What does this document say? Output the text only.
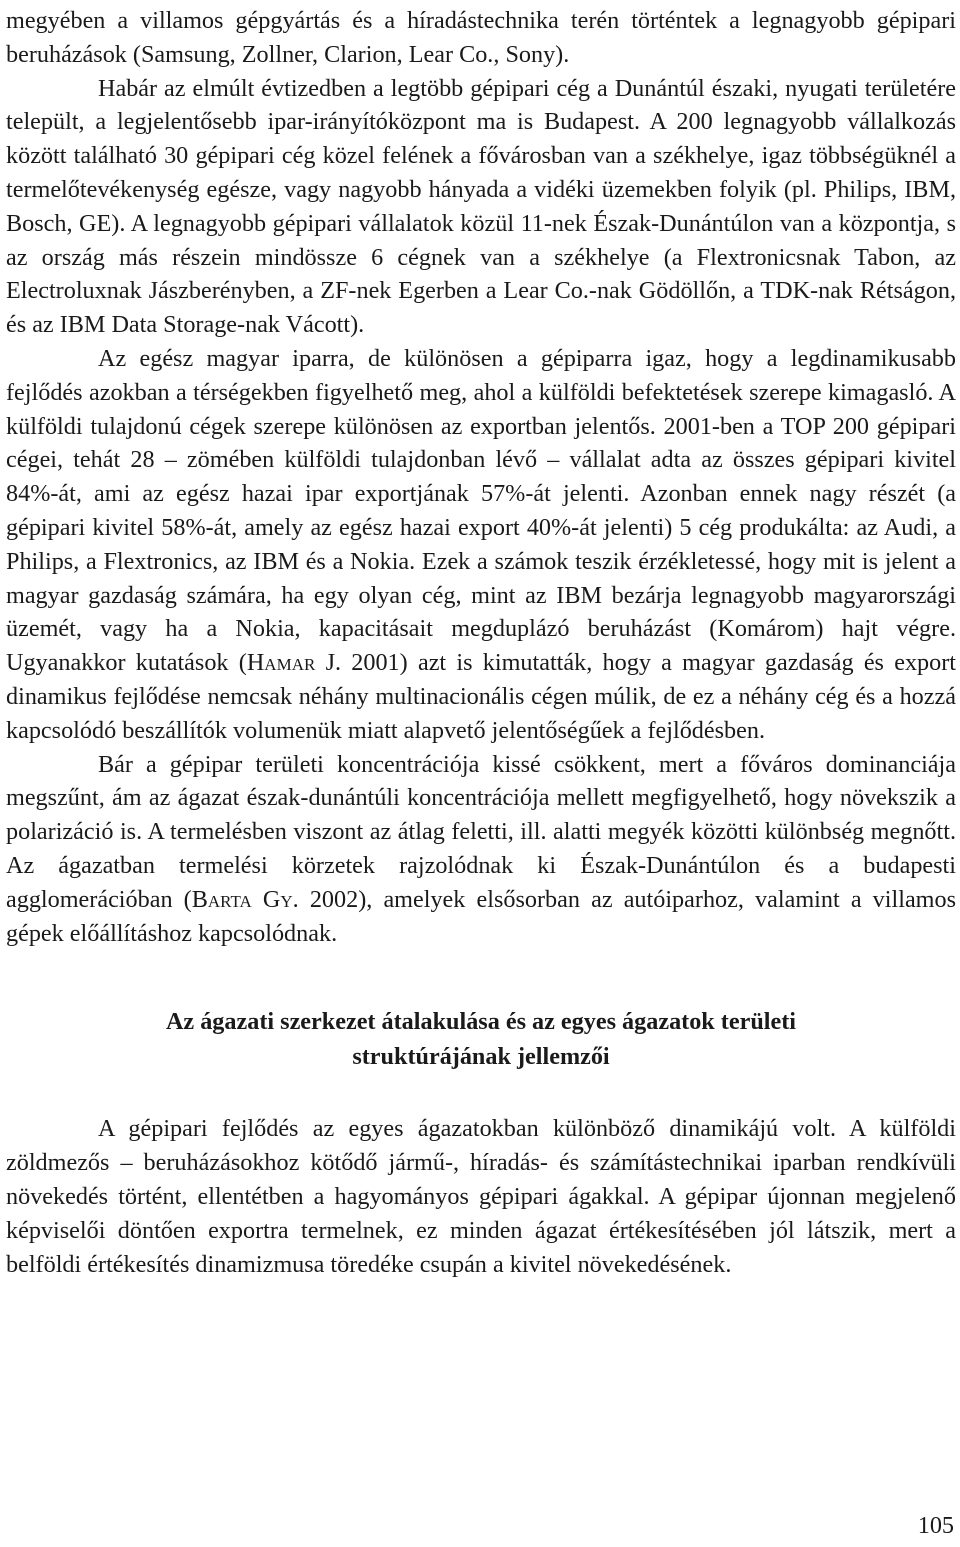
megyében a villamos gépgyártás és a híradástechnika terén történtek a legnagyobb gépipari beruházások (Samsung, Zollner, Clarion, Lear Co., Sony).

Habár az elmúlt évtizedben a legtöbb gépipari cég a Dunántúl északi, nyugati területére települt, a legjelentősebb ipar-irányítóközpont ma is Budapest. A 200 legnagyobb vállalkozás között található 30 gépipari cég közel felének a fővárosban van a székhelye, igaz többségüknél a termelőtevékenység egésze, vagy nagyobb hányada a vidéki üzemekben folyik (pl. Philips, IBM, Bosch, GE). A legnagyobb gépipari vállalatok közül 11-nek Észak-Dunántúlon van a központja, s az ország más részein mindössze 6 cégnek van a székhelye (a Flextronicsnak Tabon, az Electroluxnak Jászberényben, a ZF-nek Egerben a Lear Co.-nak Gödöllőn, a TDK-nak Rétságon, és az IBM Data Storage-nak Vácott).

Az egész magyar iparra, de különösen a gépiparra igaz, hogy a legdinamikusabb fejlődés azokban a térségekben figyelhető meg, ahol a külföldi befektetések szerepe kimagasló. A külföldi tulajdonú cégek szerepe különösen az exportban jelentős. 2001-ben a TOP 200 gépipari cégei, tehát 28 – zömében külföldi tulajdonban lévő – vállalat adta az összes gépipari kivitel 84%-át, ami az egész hazai ipar exportjának 57%-át jelenti. Azonban ennek nagy részét (a gépipari kivitel 58%-át, amely az egész hazai export 40%-át jelenti) 5 cég produkálta: az Audi, a Philips, a Flextronics, az IBM és a Nokia. Ezek a számok teszik érzékletessé, hogy mit is jelent a magyar gazdaság számára, ha egy olyan cég, mint az IBM bezárja legnagyobb magyarországi üzemét, vagy ha a Nokia, kapacitásait megduplázó beruházást (Komárom) hajt végre. Ugyanakkor kutatások (Hamar J. 2001) azt is kimutatták, hogy a magyar gazdaság és export dinamikus fejlődése nemcsak néhány multinacionális cégen múlik, de ez a néhány cég és a hozzá kapcsolódó beszállítók volumenük miatt alapvető jelentőségűek a fejlődésben.

Bár a gépipar területi koncentrációja kissé csökkent, mert a főváros dominanciája megszűnt, ám az ágazat észak-dunántúli koncentrációja mellett megfigyelhető, hogy növekszik a polarizáció is. A termelésben viszont az átlag feletti, ill. alatti megyék közötti különbség megnőtt. Az ágazatban termelési körzetek rajzolódnak ki Észak-Dunántúlon és a budapesti agglomerációban (Barta Gy. 2002), amelyek elsősorban az autóiparhoz, valamint a villamos gépek előállításhoz kapcsolódnak.

Az ágazati szerkezet átalakulása és az egyes ágazatok területi
struktúrájának jellemzői

A gépipari fejlődés az egyes ágazatokban különböző dinamikájú volt. A külföldi zöldmezős – beruházásokhoz kötődő jármű-, híradás- és számítástechnikai iparban rendkívüli növekedés történt, ellentétben a hagyományos gépipari ágakkal. A gépipar újonnan megjelenő képviselői döntően exportra termelnek, ez minden ágazat értékesítésében jól látszik, mert a belföldi értékesítés dinamizmusa töredéke csupán a kivitel növekedésének.

105
